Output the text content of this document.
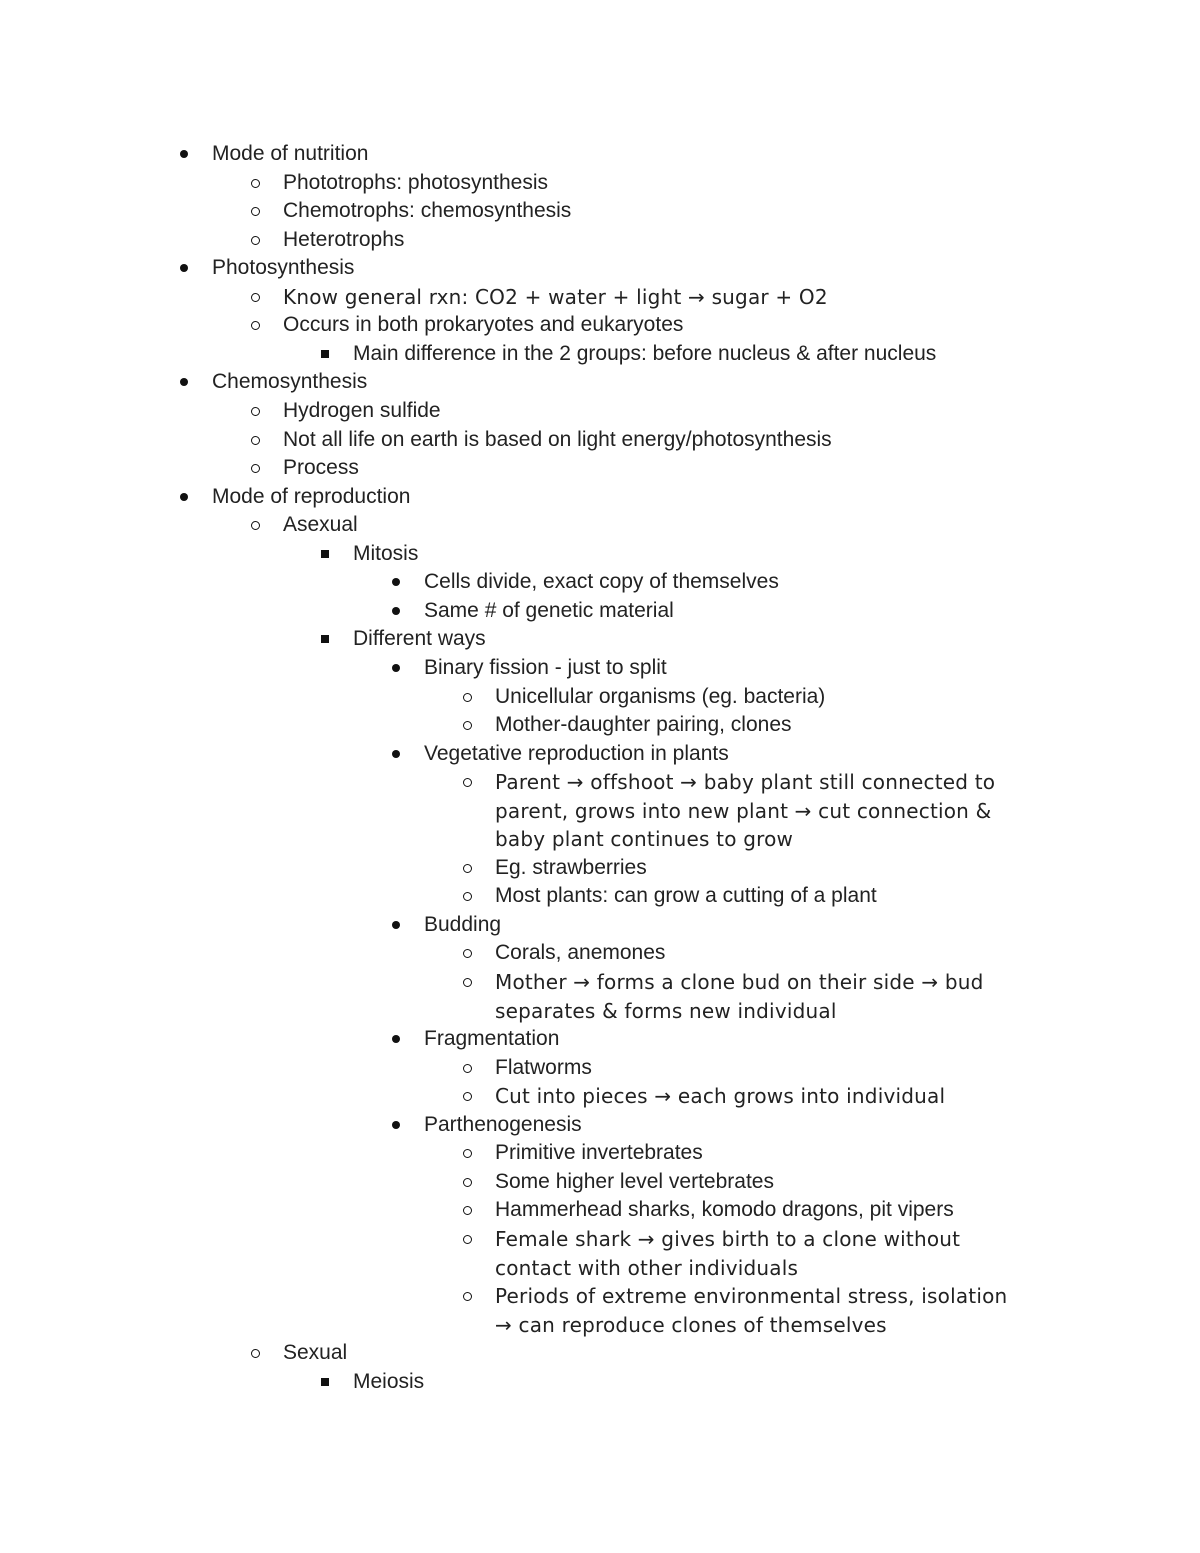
Mode of nutrition
Phototrophs: photosynthesis
Chemotrophs: chemosynthesis
Heterotrophs
Photosynthesis
Know general rxn: CO2 + water + light → sugar + O2
Occurs in both prokaryotes and eukaryotes
Main difference in the 2 groups: before nucleus & after nucleus
Chemosynthesis
Hydrogen sulfide
Not all life on earth is based on light energy/photosynthesis
Process
Mode of reproduction
Asexual
Mitosis
Cells divide, exact copy of themselves
Same # of genetic material
Different ways
Binary fission - just to split
Unicellular organisms (eg. bacteria)
Mother-daughter pairing, clones
Vegetative reproduction in plants
Parent → offshoot → baby plant still connected to
parent, grows into new plant → cut connection &
baby plant continues to grow
Eg. strawberries
Most plants: can grow a cutting of a plant
Budding
Corals, anemones
Mother → forms a clone bud on their side → bud
separates & forms new individual
Fragmentation
Flatworms
Cut into pieces → each grows into individual
Parthenogenesis
Primitive invertebrates
Some higher level vertebrates
Hammerhead sharks, komodo dragons, pit vipers
Female shark → gives birth to a clone without
contact with other individuals
Periods of extreme environmental stress, isolation
→ can reproduce clones of themselves
Sexual
Meiosis
